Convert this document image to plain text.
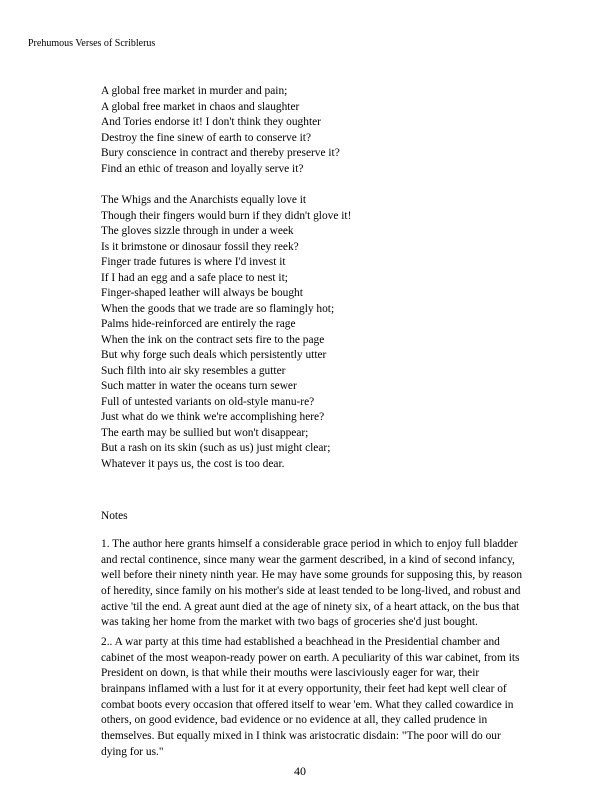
Prehumous Verses of Scriblerus

A global free market in murder and pain;
A global free market in chaos and slaughter
And Tories endorse it! I don't think they oughter
Destroy the fine sinew of earth to conserve it?
Bury conscience in contract and thereby preserve it?
Find an ethic of treason and loyally serve it?

The Whigs and the Anarchists equally love it
Though their fingers would burn if they didn't glove it!
The gloves sizzle through in under a week
Is it brimstone or dinosaur fossil they reek?
Finger trade futures is where I'd invest it
If I had an egg and a safe place to nest it;
Finger-shaped leather will always be bought
When the goods that we trade are so flamingly hot;
Palms hide-reinforced are entirely the rage
When the ink on the contract sets fire to the page
But why forge such deals which persistently utter
Such filth into air sky resembles a gutter
Such matter in water the oceans turn sewer
Full of untested variants on old-style manu-re?
Just what do we think we're accomplishing here?
The earth may be sullied but won't disappear;
But a rash on its skin (such as us) just might clear;
Whatever it pays us, the cost is too dear.

Notes
1. The author here grants himself a considerable grace period in which to enjoy full bladder
and rectal continence, since many wear the garment described, in a kind of second infancy,
well before their ninety ninth year. He may have some grounds for supposing this, by reason
of heredity, since family on his mother's side at least tended to be long-lived, and robust and
active 'til the end. A great aunt died at the age of ninety six, of a heart attack, on the bus that
was taking her home from the market with two bags of groceries she'd just bought.
2.. A war party at this time had established a beachhead in the Presidential chamber and
cabinet of the most weapon-ready power on earth. A peculiarity of this war cabinet, from its
President on down, is that while their mouths were lasciviously eager for war, their
brainpans inflamed with a lust for it at every opportunity, their feet had kept well clear of
combat boots every occasion that offered itself to wear 'em. What they called cowardice in
others, on good evidence, bad evidence or no evidence at all, they called prudence in
themselves. But equally mixed in I think was aristocratic disdain: "The poor will do our
dying for us."
40
